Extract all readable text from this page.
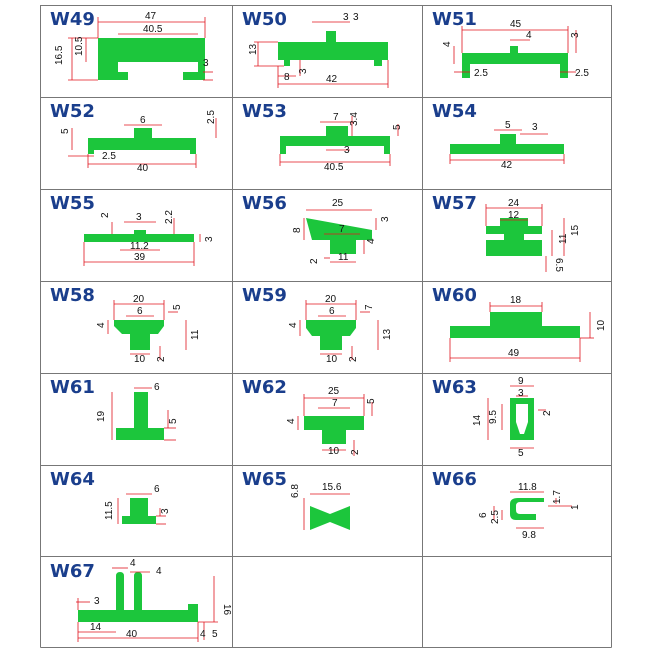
W49	47
40.5
16.5 10.5
3
W50	3 3
13
8
3
42
W51	45
4
3
4
2.5	2.5
W52	6	2.5
5
2.5
40
W53	7 3.4
5
3
40.5
W54
5 3
42
W55
3
2	2.2
3
11.2
39
W56	25
3
8	7
4
2 11
W57	24
12
15
11
6.5
W58	20
6	5
4
11
10 2
W59	20
6	7
4
13
10 2
W60	18
10
49
W61	6
19	5
W62	25
7	5
4
10 2
W63	9
3
14 9.5	2
5
W64	6
11.5	3
W65
6.8 15.6	W66	11.8
1.7
1
6 2.5
9.8
W67	4
4
3
16
14
40	4 5
